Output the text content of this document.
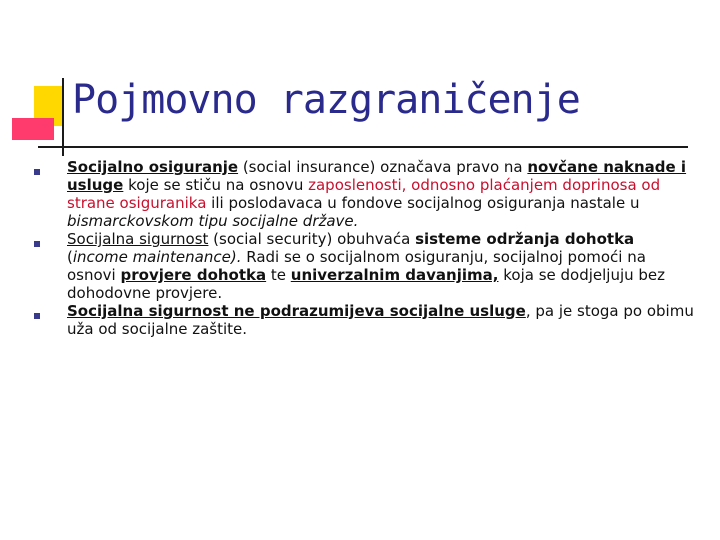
Pojmovno razgraničenje
Socijalno osiguranje (social insurance) označava pravo na novčane naknade i usluge koje se stiču na osnovu zaposlenosti, odnosno plaćanjem doprinosa od strane osiguranika ili poslodavaca u fondove socijalnog osiguranja nastale u bismarckovskom tipu socijalne države.
Socijalna sigurnost (social security) obuhvaća sisteme održanja dohotka (income maintenance). Radi se o socijalnom osiguranju, socijalnoj pomoći na osnovi provjere dohotka te univerzalnim davanjima, koja se dodjeljuju bez dohodovne provjere.
Socijalna sigurnost ne podrazumijeva socijalne usluge, pa je stoga po obimu uža od socijalne zaštite.
